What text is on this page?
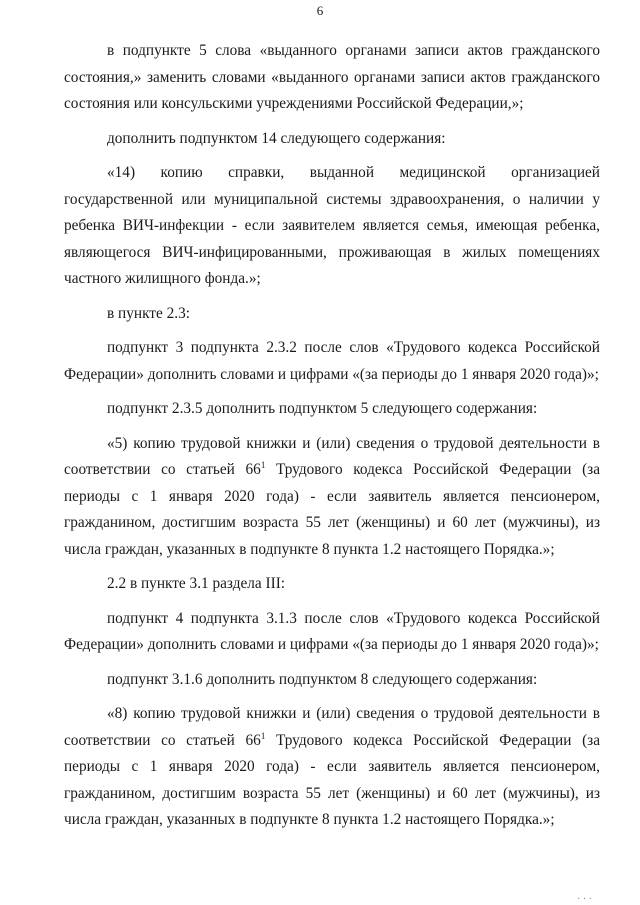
6

в подпункте 5 слова «выданного органами записи актов гражданского состояния,» заменить словами «выданного органами записи актов гражданского состояния или консульскими учреждениями Российской Федерации,»;

дополнить подпунктом 14 следующего содержания:

«14) копию справки, выданной медицинской организацией государственной или муниципальной системы здравоохранения, о наличии у ребенка ВИЧ-инфекции - если заявителем является семья, имеющая ребенка, являющегося ВИЧ-инфицированными, проживающая в жилых помещениях частного жилищного фонда.»;

в пункте 2.3:

подпункт 3 подпункта 2.3.2 после слов «Трудового кодекса Российской Федерации» дополнить словами и цифрами «(за периоды до 1 января 2020 года)»;

подпункт 2.3.5 дополнить подпунктом 5 следующего содержания:

«5) копию трудовой книжки и (или) сведения о трудовой деятельности в соответствии со статьей $66^1$ Трудового кодекса Российской Федерации (за периоды с 1 января 2020 года) - если заявитель является пенсионером, гражданином, достигшим возраста 55 лет (женщины) и 60 лет (мужчины), из числа граждан, указанных в подпункте 8 пункта 1.2 настоящего Порядка.»;

2.2 в пункте 3.1 раздела III:

подпункт 4 подпункта 3.1.3 после слов «Трудового кодекса Российской Федерации» дополнить словами и цифрами «(за периоды до 1 января 2020 года)»;

подпункт 3.1.6 дополнить подпунктом 8 следующего содержания:

«8) копию трудовой книжки и (или) сведения о трудовой деятельности в соответствии со статьей $66^1$ Трудового кодекса Российской Федерации (за периоды с 1 января 2020 года) - если заявитель является пенсионером, гражданином, достигшим возраста 55 лет (женщины) и 60 лет (мужчины), из числа граждан, указанных в подпункте 8 пункта 1.2 настоящего Порядка.»;

· · ·
